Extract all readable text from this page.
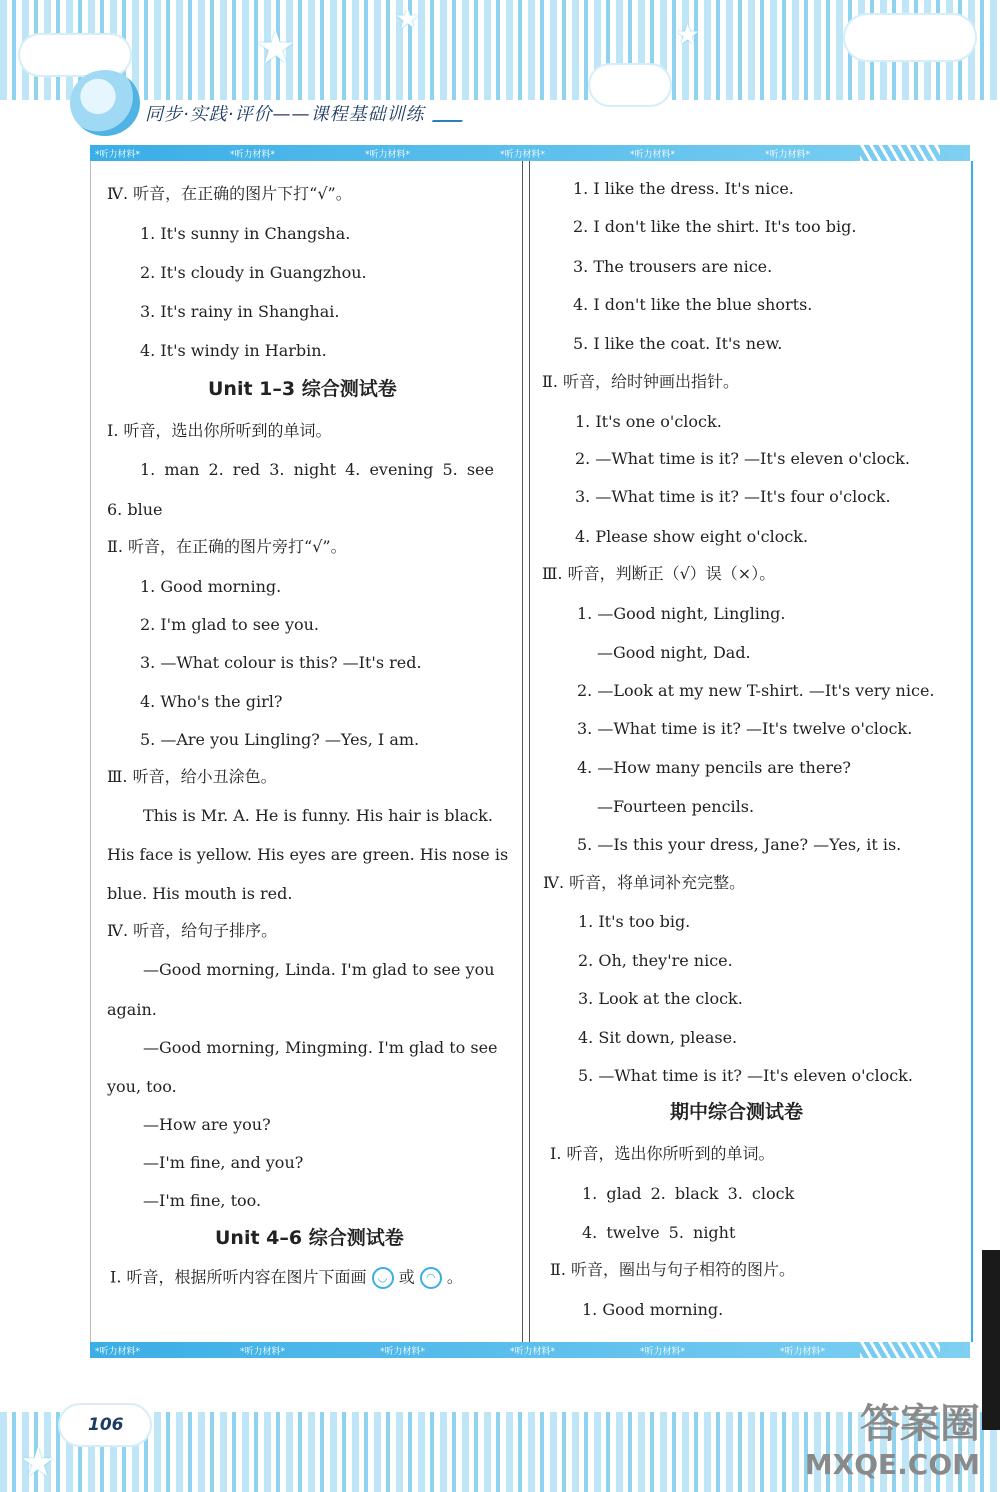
★
★	★
同步·实践·评价——课程基础训练
*听力材料*	*听力材料*	*听力材料*	*听力材料*	*听力材料*	*听力材料*
Ⅳ. 听音，在正确的图片下打“√”。
1. It's sunny in Changsha.
2. It's cloudy in Guangzhou.
3. It's rainy in Shanghai.
4. It's windy in Harbin.
Unit 1–3 综合测试卷
Ⅰ. 听音，选出你所听到的单词。
1. man 2. red 3. night 4. evening 5. see
6. blue
Ⅱ. 听音，在正确的图片旁打“√”。
1. Good morning.
2. I'm glad to see you.
3. —What colour is this? —It's red.
4. Who's the girl?
5. —Are you Lingling? —Yes, I am.
Ⅲ. 听音，给小丑涂色。
This is Mr. A. He is funny. His hair is black.
His face is yellow. His eyes are green. His nose is
blue. His mouth is red.
Ⅳ. 听音，给句子排序。
—Good morning, Linda. I'm glad to see you
again.
—Good morning, Mingming. I'm glad to see
you, too.
—How are you?
—I'm fine, and you?
—I'm fine, too.
Unit 4–6 综合测试卷
Ⅰ. 听音，根据所听内容在图片下面画 ◡ 或 ◠ 。
1. I like the dress. It's nice.
2. I don't like the shirt. It's too big.
3. The trousers are nice.
4. I don't like the blue shorts.
5. I like the coat. It's new.
Ⅱ. 听音，给时钟画出指针。
1. It's one o'clock.
2. —What time is it? —It's eleven o'clock.
3. —What time is it? —It's four o'clock.
4. Please show eight o'clock.
Ⅲ. 听音，判断正（√）误（×）。
1. —Good night, Lingling.
—Good night, Dad.
2. —Look at my new T-shirt. —It's very nice.
3. —What time is it? —It's twelve o'clock.
4. —How many pencils are there?
—Fourteen pencils.
5. —Is this your dress, Jane? —Yes, it is.
Ⅳ. 听音，将单词补充完整。
1. It's too big.
2. Oh, they're nice.
3. Look at the clock.
4. Sit down, please.
5. —What time is it? —It's eleven o'clock.
期中综合测试卷
Ⅰ. 听音，选出你所听到的单词。
1. glad 2. black 3. clock
4. twelve 5. night
Ⅱ. 听音，圈出与句子相符的图片。
1. Good morning.
*听力材料*	*听力材料*	*听力材料*	*听力材料*	*听力材料*	*听力材料*
★
106	答案圈
MXQE.COM
